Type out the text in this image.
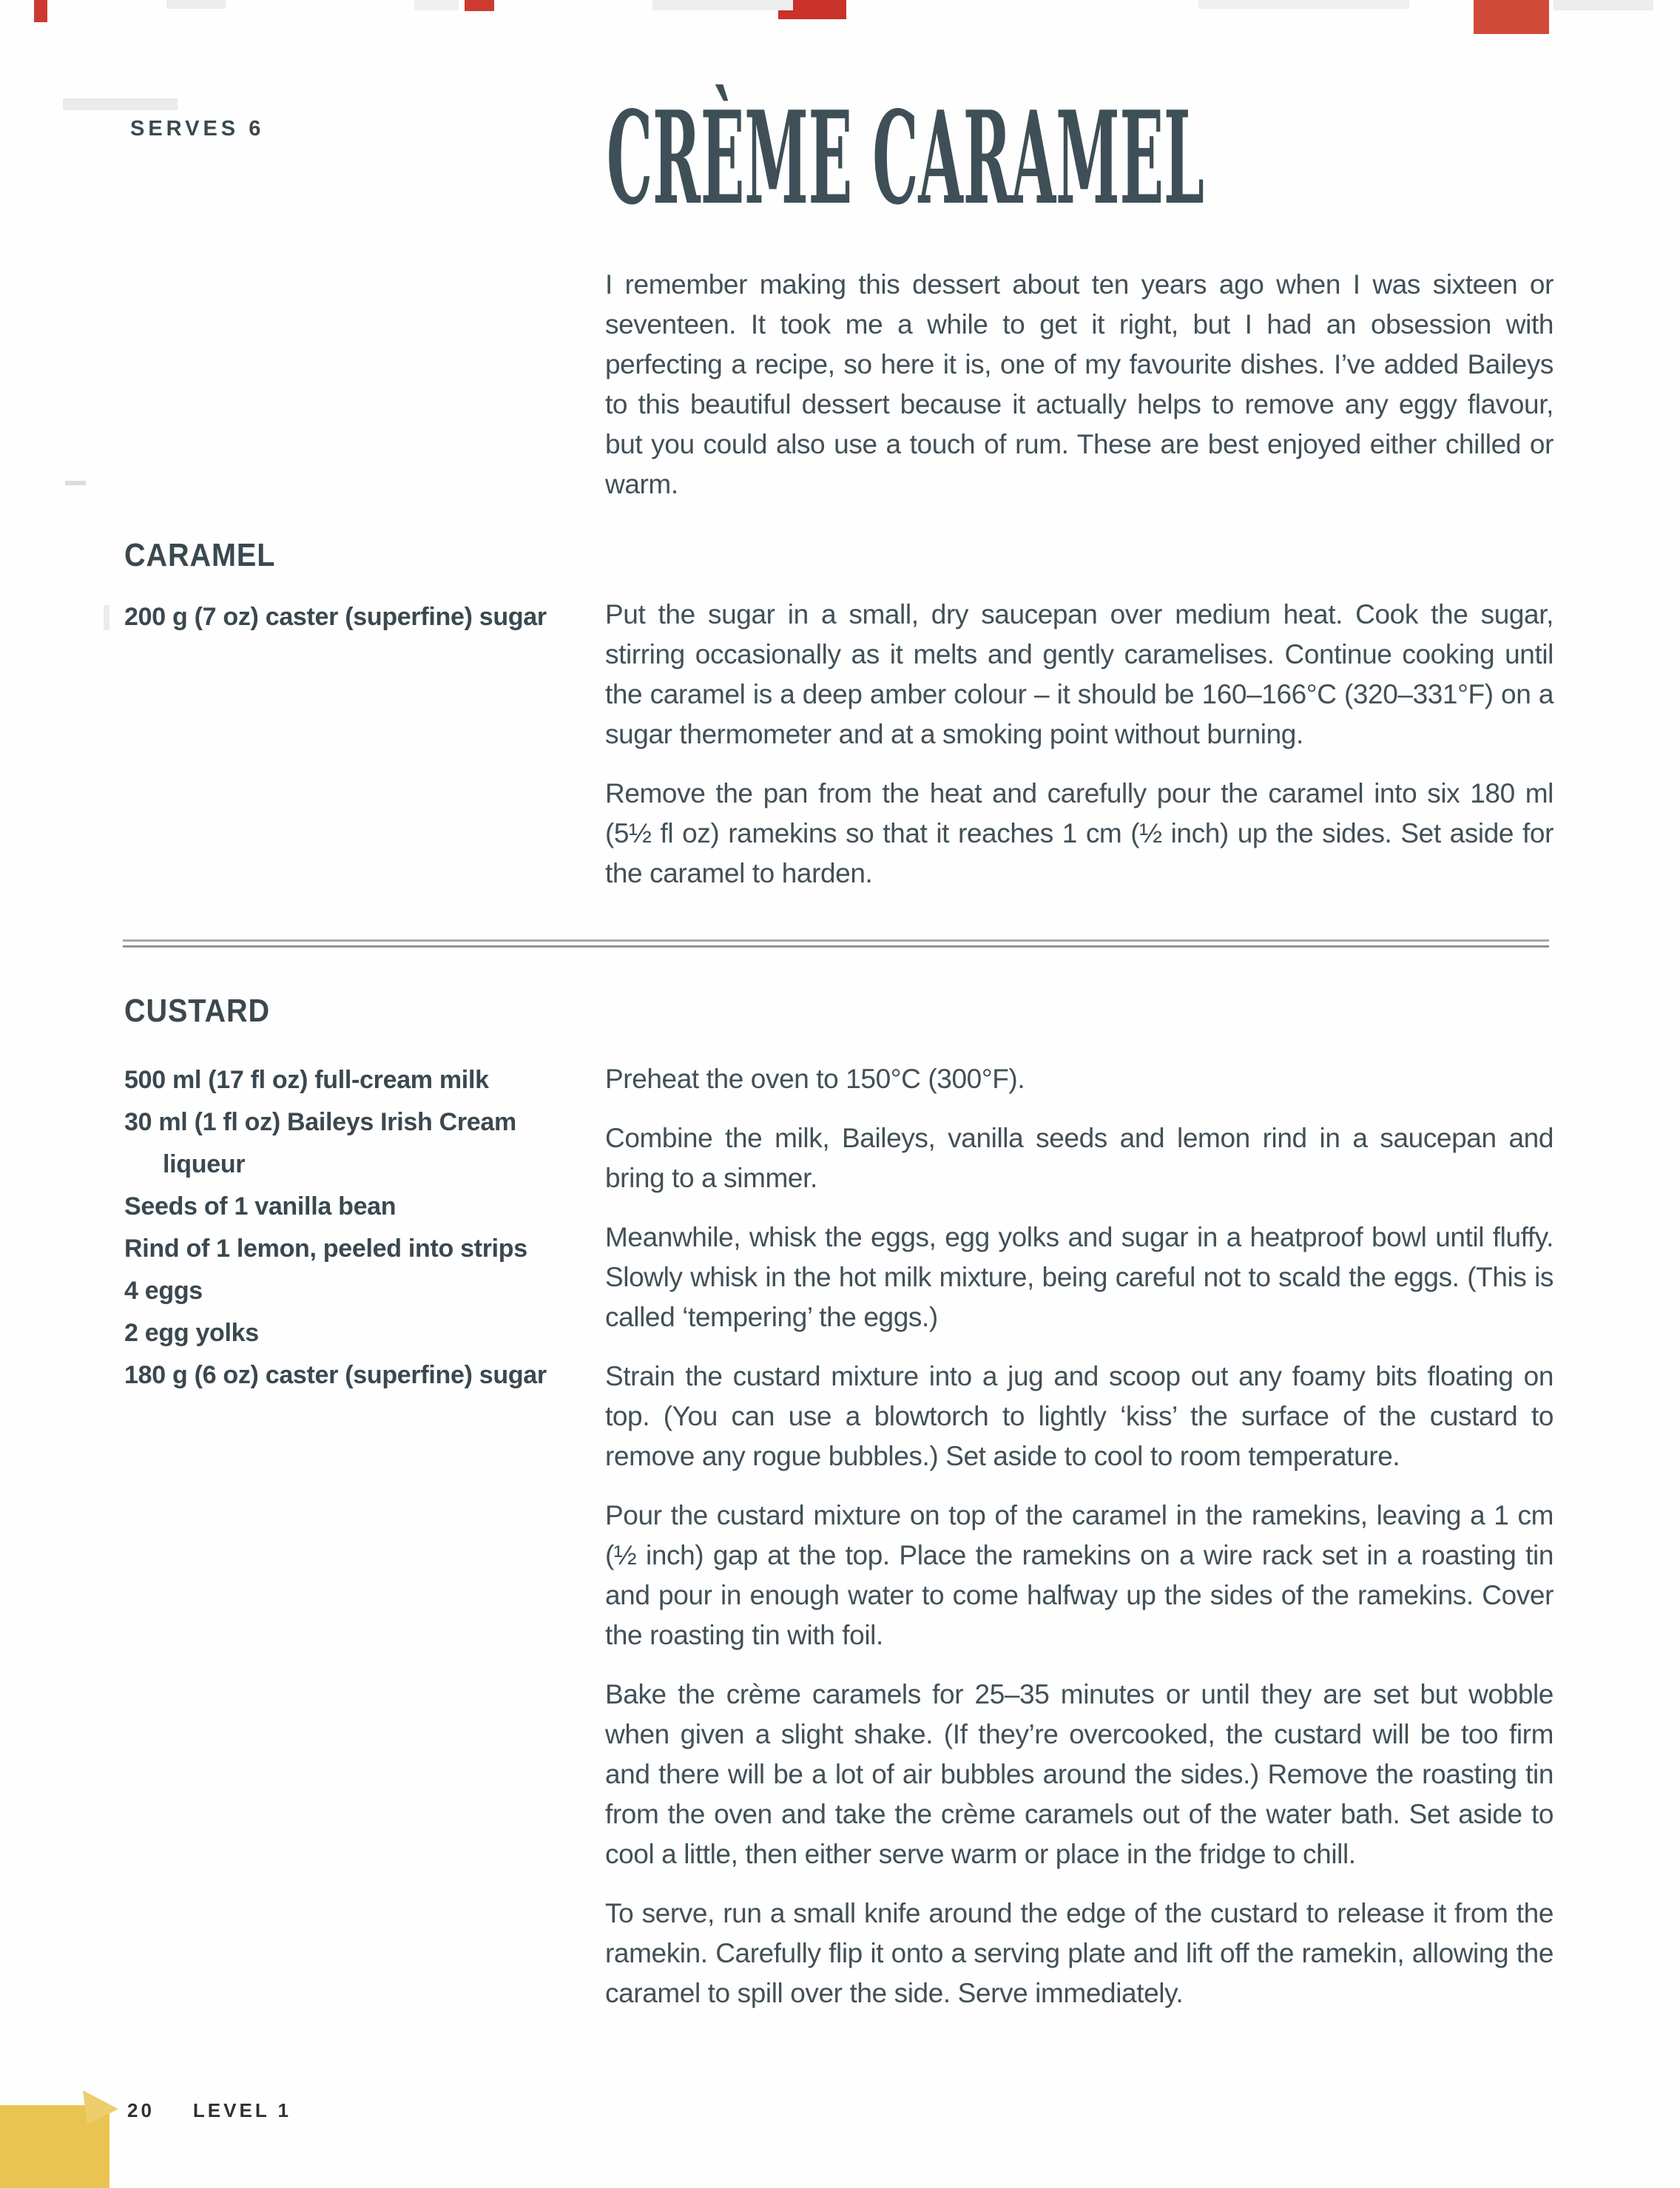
SERVES 6	CRÈME CARAMEL

I remember making this dessert about ten years ago when I was sixteen or seventeen. It took me a while to get it right, but I had an obsession with perfecting a recipe, so here it is, one of my favourite dishes. I’ve added Baileys to this beautiful dessert because it actually helps to remove any eggy flavour, but you could also use a touch of rum. These are best enjoyed either chilled or warm.

CARAMEL
200 g (7 oz) caster (superfine) sugar Put the sugar in a small, dry saucepan over medium heat. Cook the sugar, stirring occasionally as it melts and gently caramelises. Continue cooking until the caramel is a deep amber colour – it should be 160–166°C (320–331°F) on a sugar thermometer and at a smoking point without burning.

Remove the pan from the heat and carefully pour the caramel into six 180 ml (5½ fl oz) ramekins so that it reaches 1 cm (½ inch) up the sides. Set aside for the caramel to harden.

CUSTARD
500 ml (17 fl oz) full-cream milk
30 ml (1 fl oz) Baileys Irish Cream
liqueur
Seeds of 1 vanilla bean
Rind of 1 lemon, peeled into strips
4 eggs
2 egg yolks
180 g (6 oz) caster (superfine) sugar

Preheat the oven to 150°C (300°F).

Combine the milk, Baileys, vanilla seeds and lemon rind in a saucepan and bring to a simmer.

Meanwhile, whisk the eggs, egg yolks and sugar in a heatproof bowl until fluffy. Slowly whisk in the hot milk mixture, being careful not to scald the eggs. (This is called ‘tempering’ the eggs.)

Strain the custard mixture into a jug and scoop out any foamy bits floating on top. (You can use a blowtorch to lightly ‘kiss’ the surface of the custard to remove any rogue bubbles.) Set aside to cool to room temperature.

Pour the custard mixture on top of the caramel in the ramekins, leaving a 1 cm (½ inch) gap at the top. Place the ramekins on a wire rack set in a roasting tin and pour in enough water to come halfway up the sides of the ramekins. Cover the roasting tin with foil.

Bake the crème caramels for 25–35 minutes or until they are set but wobble when given a slight shake. (If they’re overcooked, the custard will be too firm and there will be a lot of air bubbles around the sides.) Remove the roasting tin from the oven and take the crème caramels out of the water bath. Set aside to cool a little, then either serve warm or place in the fridge to chill.

To serve, run a small knife around the edge of the custard to release it from the ramekin. Carefully flip it onto a serving plate and lift off the ramekin, allowing the caramel to spill over the side. Serve immediately.

20 LEVEL 1
